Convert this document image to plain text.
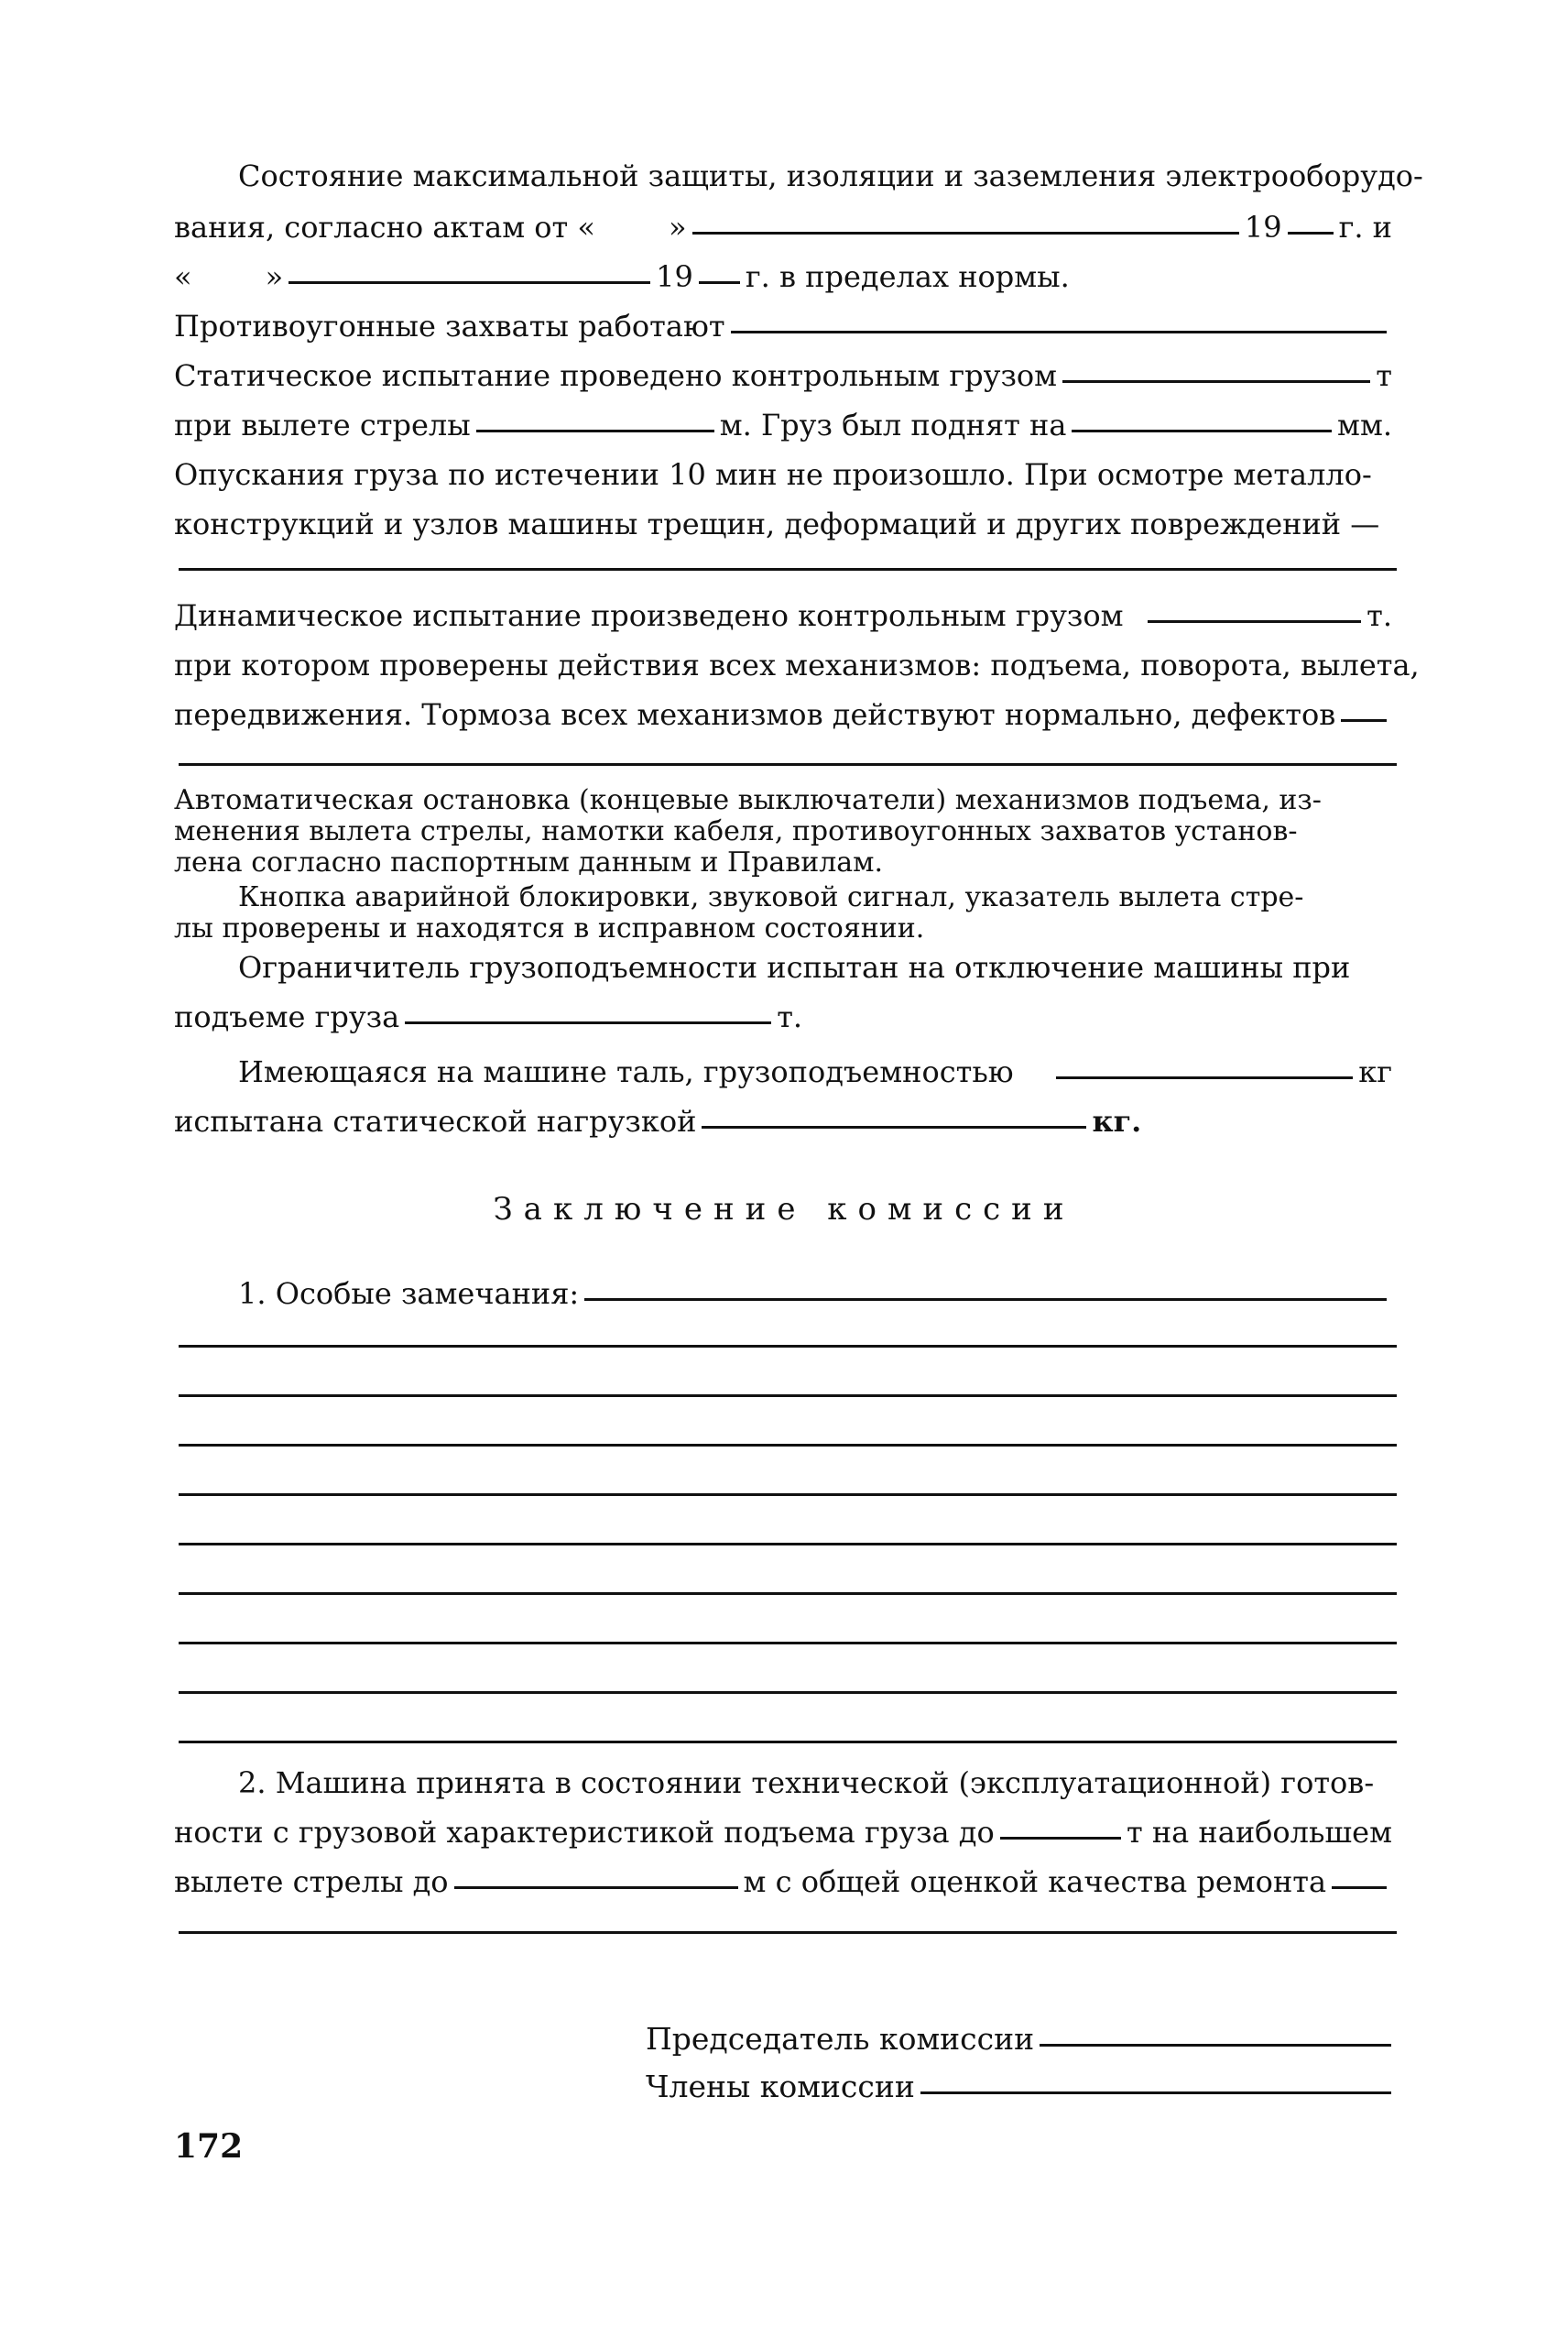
Состояние максимальной защиты, изоляции и заземления электрооборудо-
вания, согласно актам от «	»	19 г. и
«	»	19 г. в пределах нормы.
Противоугонные захваты работают
Статическое испытание проведено контрольным грузом	т
при вылете стрелы	м. Груз был поднят на	мм.
Опускания груза по истечении 10 мин не произошло. При осмотре металло-
конструкций и узлов машины трещин, деформаций и других повреждений —
Динамическое испытание произведено контрольным грузом	т.
при котором проверены действия всех механизмов: подъема, поворота, вылета,
передвижения. Тормоза всех механизмов действуют нормально, дефектов
Автоматическая остановка (концевые выключатели) механизмов подъема, из-
менения вылета стрелы, намотки кабеля, противоугонных захватов установ-
лена согласно паспортным данным и Правилам.
Кнопка аварийной блокировки, звуковой сигнал, указатель вылета стре-
лы проверены и находятся в исправном состоянии.
Ограничитель грузоподъемности испытан на отключение машины при
подъеме груза	т.
Имеющаяся на машине таль, грузоподъемностью	кг
испытана статической нагрузкой	кг.
Заключение комиссии
1. Особые замечания:
2. Машина принята в состоянии технической (эксплуатационной) готов-
ности с грузовой характеристикой подъема груза до	т на наибольшем
вылете стрелы до	м с общей оценкой качества ремонта
Председатель комиссии
Члены комиссии
172
